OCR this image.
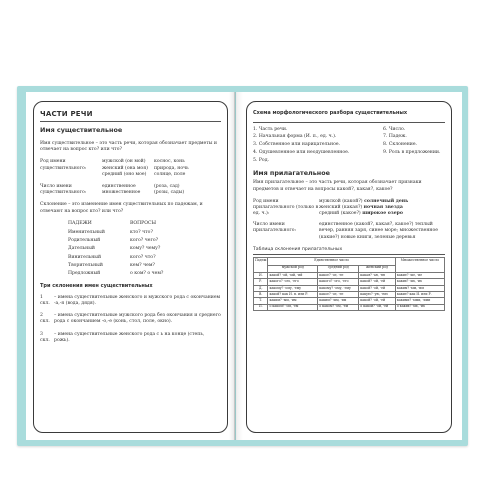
ЧАСТИ РЕЧИ
Имя существительное
Имя существительное – это часть речи, которая обозначает предметы и отвечает на вопрос кто? или что?
Род имени существительного:
мужской (он мой)	коснос, конь
женский (она моя)	природа, ночь
средний (оно мое)	солнце, поле
Число имени существительного:
единственное	(роза, сад)
множественное	(розы, сады)
Склонение – это изменение имен существительных по падежам, и отвечают на вопрос кто? или что?
ПАДЕЖИ	ВОПРОСЫ
Именительный	кто? что?
Родительный	кого? чего?
Дательный	кому? чему?
Винительный	кого? что?
Творительный	кем? чем?
Предложный	о ком? о чем?
Три склонения имен существительных
1 скл.
– имена существительные женского и мужского рода с окончанием -а,-я (вода, дядя).
2 скл.
– имена существительные мужского рода без окончания и среднего рода с окончанием -о,-е (конь, стол, поле, окно).
3 скл.
– имена существительные женского рода с ь на конце (степь, рожь).
Схема морфологического разбора существительных
1. Часть речи.
2. Начальная форма (И. п., ед. ч.).
3. Собственное или нарицательное.
4. Одушевленное или неодушевленное.
5. Род.
6. Число.
7. Падеж.
8. Склонение.
9. Роль в предложении.
Имя прилагательное
Имя прилагательное – это часть речи, которая обозначает признаки предметов и отвечает на вопросы какой?, какая?, какое?
Род имени прилагательного (только в ед. ч.):
мужской (какой?) солнечный день
женский (какая?) ночная звезда
средний (какое?) широкое озеро
Число имени прилагательного:
единственное (какой?, какая?, какое?) теплый вечер, ранняя заря, синее море; множественное (какие?) новые книги, зеленые деревья
Таблица склонения прилагательных
Падеж	Единственное число			Множественное число
	мужской род	средний род	женский род	
И.	какой? -ой, -ый, -ий	какое? -ое, -ее	какая? -ая, -яя	какие? -ые, -ие
Р.	какого? -ого, -его	какого? -ого, -его	какой? -ой, -ей	каких? -ых, -их
Д.	какому? -ому, -ему	какому? -ому, -ему	какой? -ой, -ей	каким? -ым, -им
В.	какой? как И. п. или Р.	какое? -ое, -ее	какую? -ую, -юю	какие? как И. или Р.
Т.	каким? -ым, -им	каким? -ым, -им	какой? -ой, -ей	какими? -ыми, -ими
П.	о каком? -ом, -ем	о каком? -ом, -ем	о какой? -ой, -ей	о каких? -ых, -их
